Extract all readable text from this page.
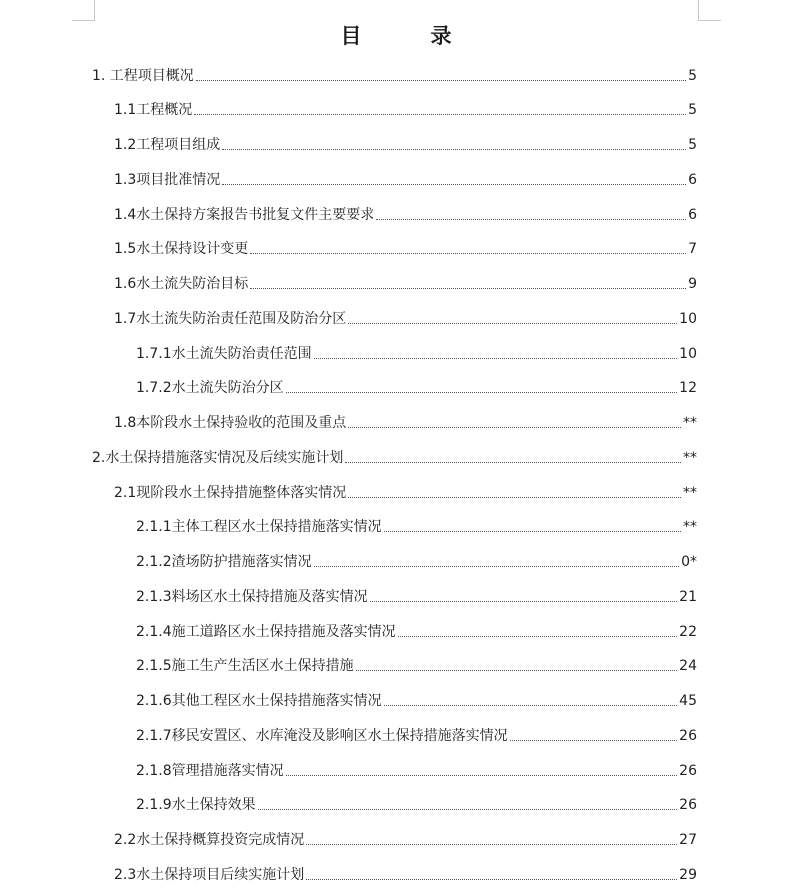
目　录
1. 工程项目概况	5
1.1工程概况	5
1.2工程项目组成	5
1.3项目批准情况	6
1.4水土保持方案报告书批复文件主要要求	6
1.5水土保持设计变更	7
1.6水土流失防治目标	9
1.7水土流失防治责任范围及防治分区	10
1.7.1水土流失防治责任范围	10
1.7.2水土流失防治分区	12
1.8本阶段水土保持验收的范围及重点	**
2.水土保持措施落实情况及后续实施计划	**
2.1现阶段水土保持措施整体落实情况	**
2.1.1主体工程区水土保持措施落实情况	**
2.1.2渣场防护措施落实情况	0*
2.1.3料场区水土保持措施及落实情况	21
2.1.4施工道路区水土保持措施及落实情况	22
2.1.5施工生产生活区水土保持措施	24
2.1.6其他工程区水土保持措施落实情况	45
2.1.7移民安置区、水库淹没及影响区水土保持措施落实情况	26
2.1.8管理措施落实情况	26
2.1.9水土保持效果	26
2.2水土保持概算投资完成情况	27
2.3水土保持项目后续实施计划	29
